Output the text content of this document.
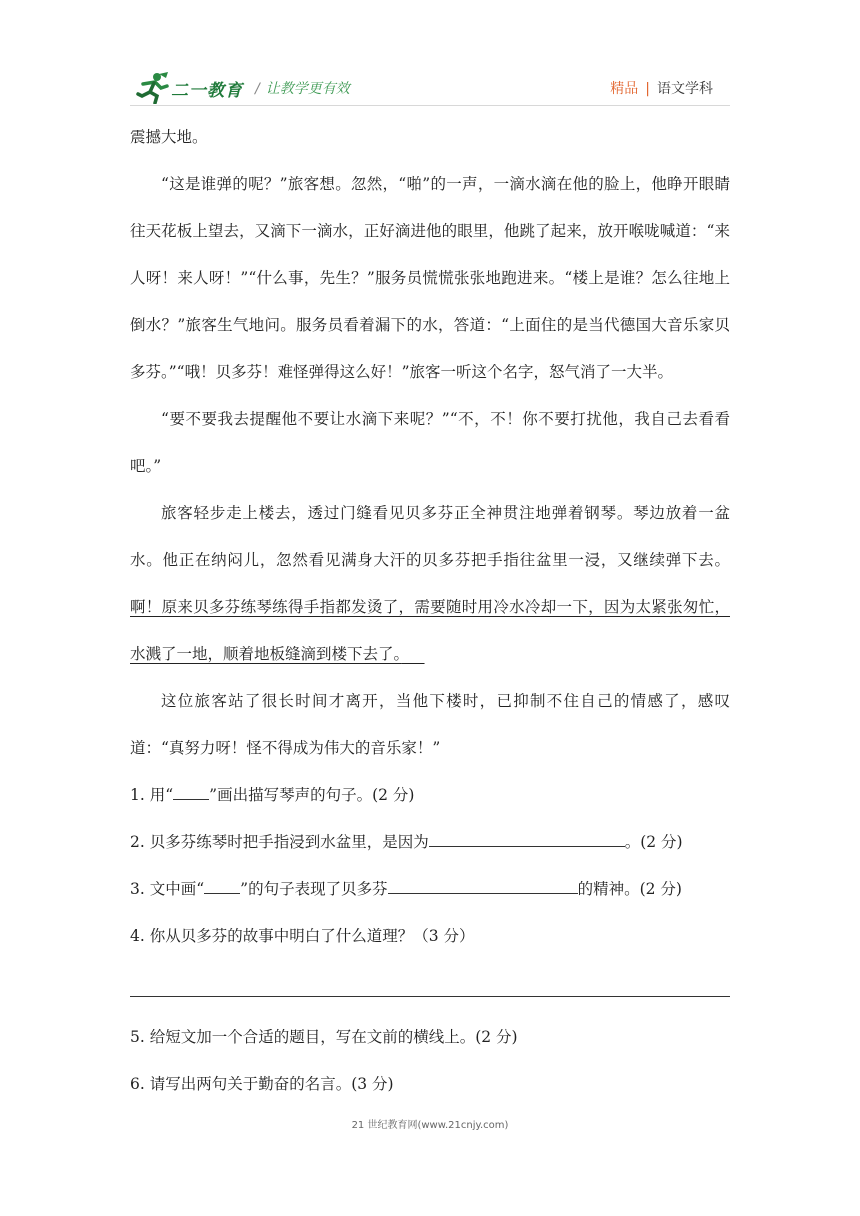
二一教育 / 让教学更有效	精品 | 语文学科

震撼大地。

“这是谁弹的呢？”旅客想。忽然，“啪”的一声，一滴水滴在他的脸上，他睁开眼睛往天花板上望去，又滴下一滴水，正好滴进他的眼里，他跳了起来，放开喉咙喊道：“来人呀！来人呀！”“什么事，先生？”服务员慌慌张张地跑进来。“楼上是谁？怎么往地上倒水？”旅客生气地问。服务员看着漏下的水，答道：“上面住的是当代德国大音乐家贝多芬。”“哦！贝多芬！难怪弹得这么好！”旅客一听这个名字，怒气消了一大半。

“要不要我去提醒他不要让水滴下来呢？”“不，不！你不要打扰他，我自己去看看吧。”

旅客轻步走上楼去，透过门缝看见贝多芬正全神贯注地弹着钢琴。琴边放着一盆水。他正在纳闷儿，忽然看见满身大汗的贝多芬把手指往盆里一浸，又继续弹下去。啊！原来贝多芬练琴练得手指都发烫了，需要随时用冷水冷却一下，因为太紧张匆忙，水溅了一地，顺着地板缝滴到楼下去了。　 

这位旅客站了很长时间才离开，当他下楼时，已抑制不住自己的情感了，感叹道：“真努力呀！怪不得成为伟大的音乐家！”

1. 用“ ”画出描写琴声的句子。(2 分)

2. 贝多芬练琴时把手指浸到水盆里，是因为	。(2 分)

3. 文中画“ ”的句子表现了贝多芬	的精神。(2 分)

4. 你从贝多芬的故事中明白了什么道理？（3 分）

5. 给短文加一个合适的题目，写在文前的横线上。(2 分)

6. 请写出两句关于勤奋的名言。(3 分)

21 世纪教育网(www.21cnjy.com)
